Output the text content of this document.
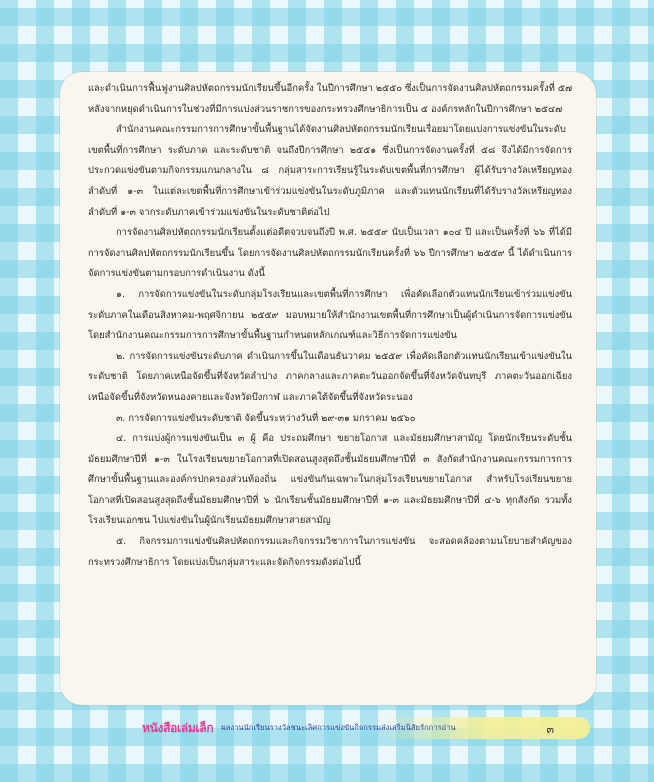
และดำเนินการฟื้นฟูงานศิลปหัตถกรรมนักเรียนขึ้นอีกครั้ง ในปีการศึกษา ๒๕๕๐ ซึ่งเป็นการจัดงานศิลปหัตถกรรมครั้งที่ ๕๗ หลังจากหยุดดำเนินการในช่วงที่มีการแบ่งส่วนราชการของกระทรวงศึกษาธิการเป็น ๕ องค์กรหลักในปีการศึกษา ๒๕๔๗

สำนักงานคณะกรรมการการศึกษาขั้นพื้นฐานได้จัดงานศิลปหัตถกรรมนักเรียนเรื่อยมาโดยแบ่งการแข่งขันในระดับเขตพื้นที่การศึกษา ระดับภาค และระดับชาติ จนถึงปีการศึกษา ๒๕๕๑ ซึ่งเป็นการจัดงานครั้งที่ ๕๘ จึงได้มีการจัดการประกวดแข่งขันตามกิจกรรมแกนกลางใน ๘ กลุ่มสาระการเรียนรู้ในระดับเขตพื้นที่การศึกษา ผู้ได้รับรางวัลเหรียญทอง ลำดับที่ ๑-๓ ในแต่ละเขตพื้นที่การศึกษาเข้าร่วมแข่งขันในระดับภูมิภาค และตัวแทนนักเรียนที่ได้รับรางวัลเหรียญทอง ลำดับที่ ๑-๓ จากระดับภาคเข้าร่วมแข่งขันในระดับชาติต่อไป

การจัดงานศิลปหัตถกรรมนักเรียนตั้งแต่อดีตจวบจนถึงปี พ.ศ. ๒๕๕๙ นับเป็นเวลา ๑๐๔ ปี และเป็นครั้งที่ ๖๖ ที่ได้มีการจัดงานศิลปหัตถกรรมนักเรียนขึ้น โดยการจัดงานศิลปหัตถกรรมนักเรียนครั้งที่ ๖๖ ปีการศึกษา ๒๕๕๙ นี้ ได้ดำเนินการจัดการแข่งขันตามกรอบการดำเนินงาน ดังนี้

๑. การจัดการแข่งขันในระดับกลุ่มโรงเรียนและเขตพื้นที่การศึกษา เพื่อคัดเลือกตัวแทนนักเรียนเข้าร่วมแข่งขันระดับภาคในเดือนสิงหาคม-พฤศจิกายน ๒๕๕๙ มอบหมายให้สำนักงานเขตพื้นที่การศึกษาเป็นผู้ดำเนินการจัดการแข่งขัน โดยสำนักงานคณะกรรมการการศึกษาขั้นพื้นฐานกำหนดหลักเกณฑ์และวิธีการจัดการแข่งขัน

๒. การจัดการแข่งขันระดับภาค ดำเนินการขึ้นในเดือนธันวาคม ๒๕๕๙ เพื่อคัดเลือกตัวแทนนักเรียนเข้าแข่งขันในระดับชาติ โดยภาคเหนือจัดขึ้นที่จังหวัดลำปาง ภาคกลางและภาคตะวันออกจัดขึ้นที่จังหวัดจันทบุรี ภาคตะวันออกเฉียงเหนือจัดขึ้นที่จังหวัดหนองคายและจังหวัดบึงกาฬ และภาคใต้จัดขึ้นที่จังหวัดระนอง

๓. การจัดการแข่งขันระดับชาติ จัดขึ้นระหว่างวันที่ ๒๙-๓๑ มกราคม ๒๕๖๐

๔. การแบ่งผู้การแข่งขันเป็น ๓ ผู้ คือ ประถมศึกษา ขยายโอกาส และมัธยมศึกษาสามัญ โดยนักเรียนระดับชั้นมัธยมศึกษาปีที่ ๑-๓ ในโรงเรียนขยายโอกาสที่เปิดสอนสูงสุดถึงชั้นมัธยมศึกษาปีที่ ๓ สังกัดสำนักงานคณะกรรมการการศึกษาขั้นพื้นฐานและองค์กรปกครองส่วนท้องถิ่น แข่งขันกันเฉพาะในกลุ่มโรงเรียนขยายโอกาส สำหรับโรงเรียนขยายโอกาสที่เปิดสอนสูงสุดถึงชั้นมัธยมศึกษาปีที่ ๖ นักเรียนชั้นมัธยมศึกษาปีที่ ๑-๓ และมัธยมศึกษาปีที่ ๔-๖ ทุกสังกัด รวมทั้งโรงเรียนเอกชน ไปแข่งขันในผู้นักเรียนมัธยมศึกษาสายสามัญ

๕. กิจกรรมการแข่งขันศิลปหัตถกรรมและกิจกรรมวิชาการในการแข่งขัน จะสอดคล้องตามนโยบายสำคัญของกระทรวงศึกษาธิการ โดยแบ่งเป็นกลุ่มสาระและจัดกิจกรรมดังต่อไปนี้

หนังสือเล่มเล็ก ผลงานนักเรียนรางวัลชนะเลิศการแข่งขันกิจกรรมส่งเสริมนิสัยรักการอ่าน	๓
